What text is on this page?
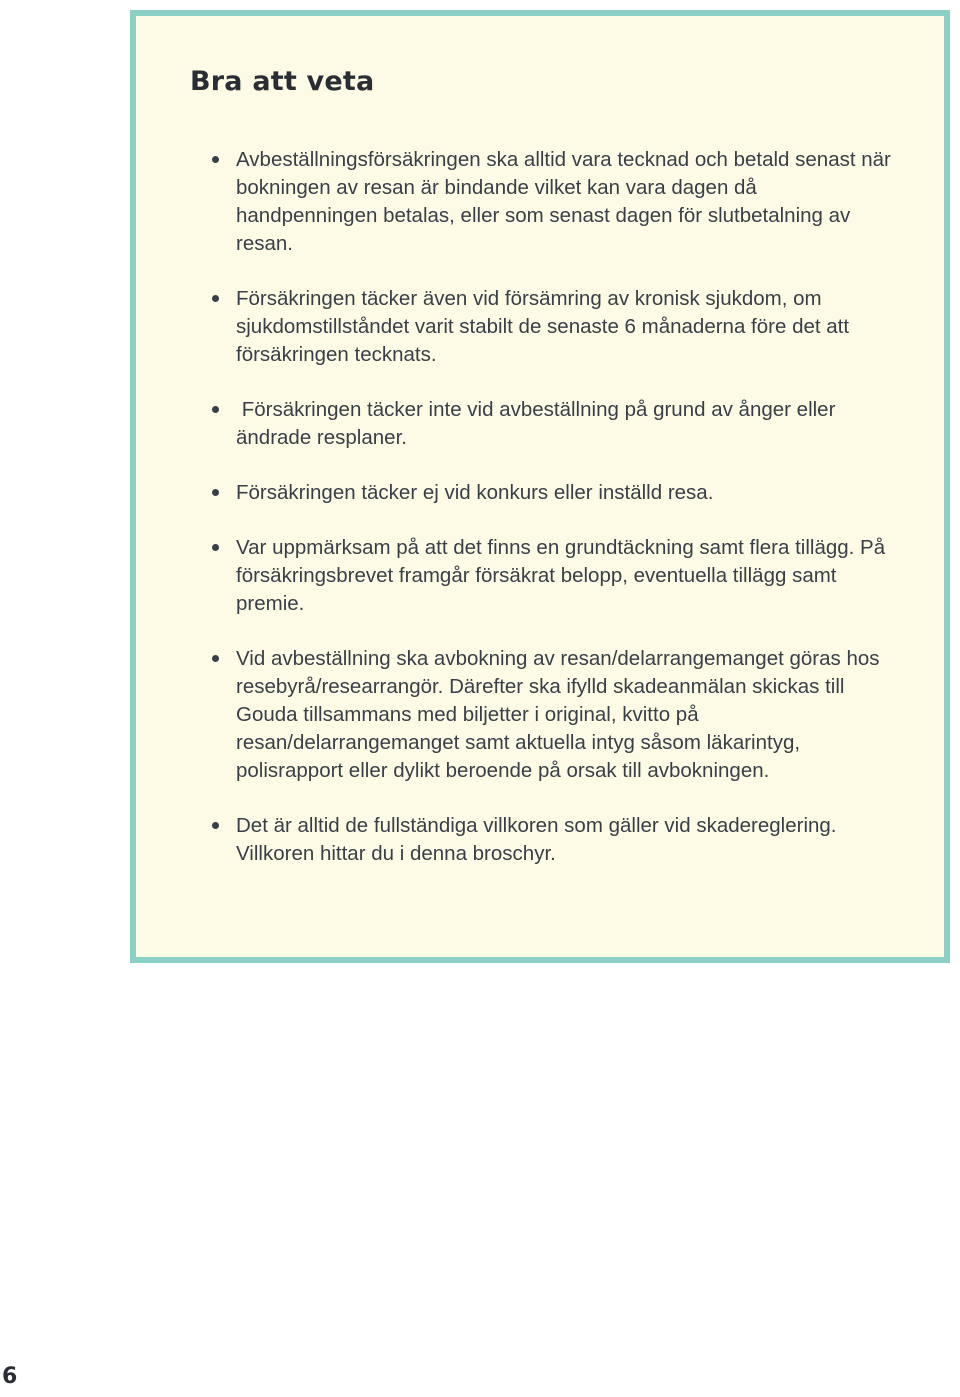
Bra att veta
Avbeställningsförsäkringen ska alltid vara tecknad och betald senast när bokningen av resan är bindande vilket kan vara dagen då handpenningen betalas, eller som senast dagen för slutbetalning av resan.
Försäkringen täcker även vid försämring av kronisk sjukdom, om sjukdomstillståndet varit stabilt de senaste 6 månaderna före det att försäkringen tecknats.
Försäkringen täcker inte vid avbeställning på grund av ånger eller ändrade resplaner.
Försäkringen täcker ej vid konkurs eller inställd resa.
Var uppmärksam på att det finns en grundtäckning samt flera tillägg. På försäkringsbrevet framgår försäkrat belopp, eventuella tillägg samt premie.
Vid avbeställning ska avbokning av resan/delarrangemanget göras hos resebyrå/researrangör. Därefter ska ifylld skadeanmälan skickas till Gouda tillsammans med biljetter i original, kvitto på resan/delarrangemanget samt aktuella intyg såsom läkarintyg, polisrapport eller dylikt beroende på orsak till avbokningen.
Det är alltid de fullständiga villkoren som gäller vid skadereglering. Villkoren hittar du i denna broschyr.
6
